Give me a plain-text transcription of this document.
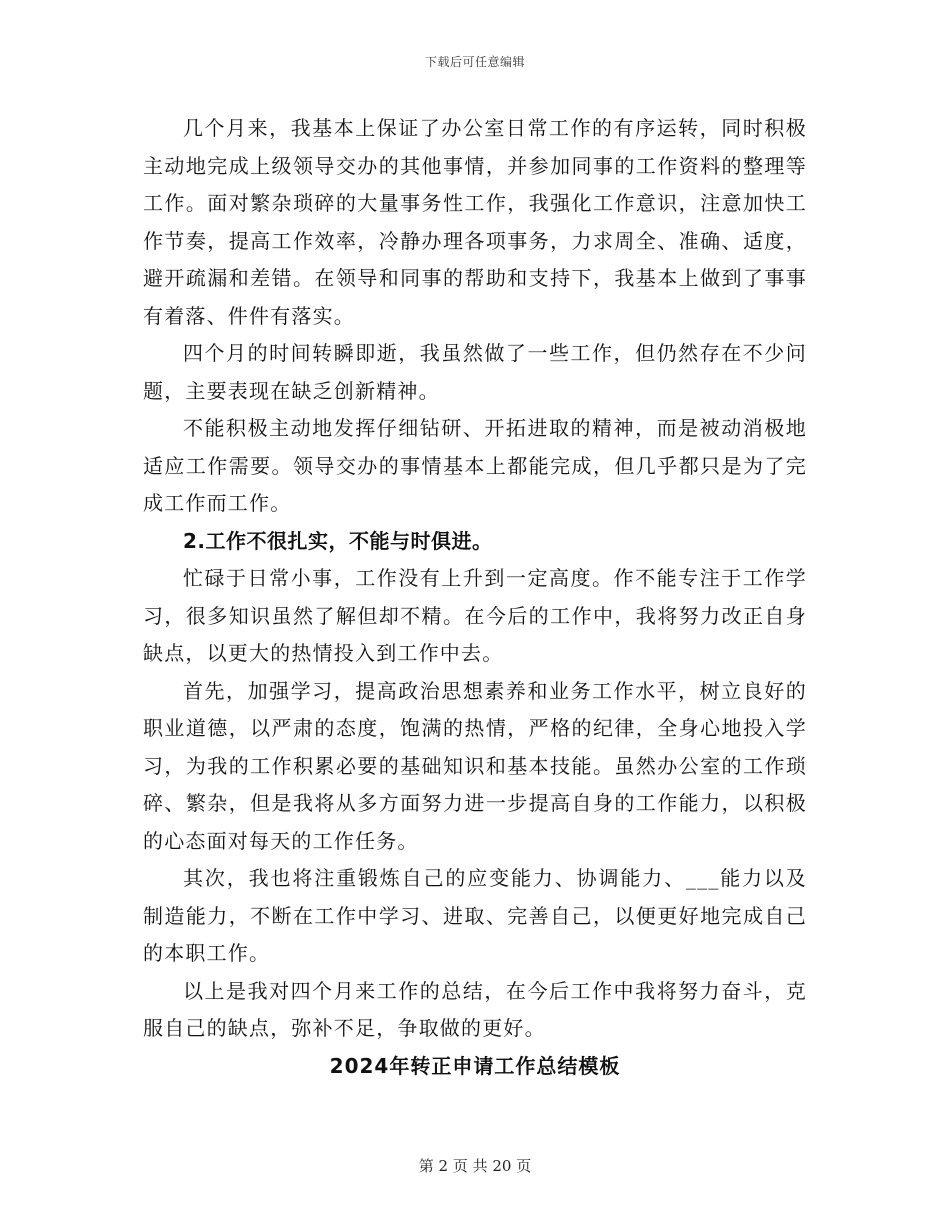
下载后可任意编辑

几个月来，我基本上保证了办公室日常工作的有序运转，同时积极主动地完成上级领导交办的其他事情，并参加同事的工作资料的整理等工作。面对繁杂琐碎的大量事务性工作，我强化工作意识，注意加快工作节奏，提高工作效率，冷静办理各项事务，力求周全、准确、适度，避开疏漏和差错。在领导和同事的帮助和支持下，我基本上做到了事事有着落、件件有落实。

四个月的时间转瞬即逝，我虽然做了一些工作，但仍然存在不少问题，主要表现在缺乏创新精神。

不能积极主动地发挥仔细钻研、开拓进取的精神，而是被动消极地适应工作需要。领导交办的事情基本上都能完成，但几乎都只是为了完成工作而工作。

2.工作不很扎实，不能与时俱进。

忙碌于日常小事，工作没有上升到一定高度。作不能专注于工作学习，很多知识虽然了解但却不精。在今后的工作中，我将努力改正自身缺点，以更大的热情投入到工作中去。

首先，加强学习，提高政治思想素养和业务工作水平，树立良好的职业道德，以严肃的态度，饱满的热情，严格的纪律，全身心地投入学习，为我的工作积累必要的基础知识和基本技能。虽然办公室的工作琐碎、繁杂，但是我将从多方面努力进一步提高自身的工作能力，以积极的心态面对每天的工作任务。

其次，我也将注重锻炼自己的应变能力、协调能力、___能力以及制造能力，不断在工作中学习、进取、完善自己，以便更好地完成自己的本职工作。

以上是我对四个月来工作的总结，在今后工作中我将努力奋斗，克服自己的缺点，弥补不足，争取做的更好。

2024年转正申请工作总结模板

第 2 页 共 20 页
